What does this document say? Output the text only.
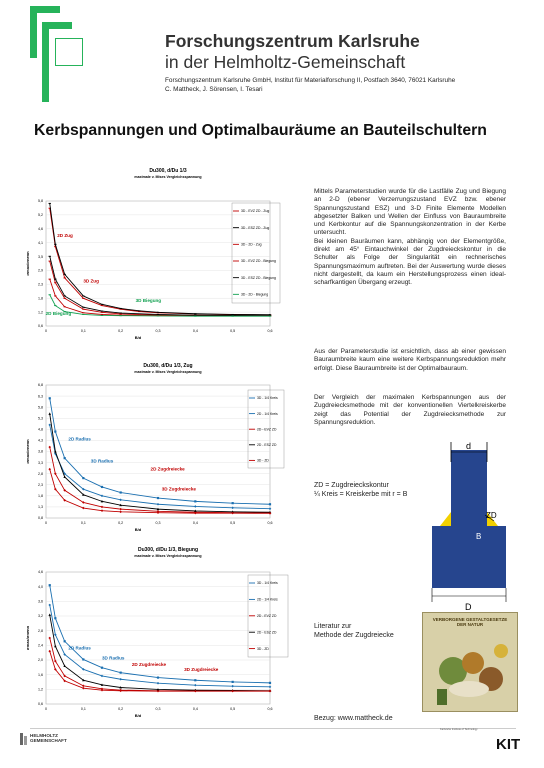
Forschungszentrum Karlsruhe
in der Helmholtz-Gemeinschaft
Forschungszentrum Karlsruhe GmbH, Institut für Materialforschung II, Postfach 3640, 76021 Karlsruhe
C. Mattheck, J. Sörensen, I. Tesari
Kerbspannungen und Optimalbauräume an Bauteilschultern
Du300, d/Du 1/3
maximale v. Mises Vergleichsspannung
0,6
1,2
1,8
2,3
2,9
3,5
4,1
4,6
5,2
5,8
0	0,1	0,2	0,3	0,4	0,5	0,6
B/d
σmax/σnenn
3D - EVZ ZD - Zug
3D - ESZ ZD - Zug
3D - 2D - Zug
3D - EVZ ZD - Biegung
3D - ESZ ZD - Biegung
3D - 2D - Biegung
2D Zug
3D Zug
3D Biegung
2D Biegung
Du300, d/Du 1/3, Zug
maximale v. Mises Vergleichsspannung
0,8
1,3
1,8
2,3
2,8
3,3
3,8
4,3
4,8
5,3
5,8
6,3
6,8
0	0,1	0,2	0,3	0,4	0,5	0,6
B/d
σmax/σnenn
3D - 1/4 Kreis
2D - 1/4 Kreis
2D - EVZ ZD
2D - ESZ ZD
3D - ZD
2D Radius
3D Radius
2D Zugdreiecke
3D Zugdreiecke
Du300, d/Du 1/3, Biegung
maximale v. Mises Vergleichsspannung
0,6
1,2
1,6
2,0
2,4
2,8
3,2
3,6
4,0
4,6
0	0,1	0,2	0,3	0,4	0,5	0,6
B/d
σmax/σnenn
3D - 1/4 Kreis
2D - 1/4 Kreis
2D - EVZ ZD
2D - ESZ ZD
3D - ZD
2D Radius
3D Radius
2D Zugdreiecke
3D Zugdreiecke

Mittels Parameterstudien wurde für die Lastfälle Zug und Biegung an 2-D (ebener Verzerrungszustand EVZ bzw. ebener Spannungszustand ESZ) und 3-D Finite Elemente Modellen abgesetzter Balken und Wellen der Einfluss von Bauraumbreite und Kerbkontur auf die Spannungskonzentration in der Kerbe untersucht.

Bei kleinen Bauräumen kann, abhängig von der Elementgröße, direkt am 45° Eintauchwinkel der Zugdreieckskontur in die Schulter als Folge der Singularität ein rechnerisches Spannungsmaximum auftreten. Bei der Auswertung wurde dieses nicht dargestellt, da kaum ein Herstellungsprozess einen ideal-scharfkantigen Übergang erzeugt.

Aus der Parameterstudie ist ersichtlich, dass ab einer gewissen Bauraumbreite kaum eine weitere Kerbspannungsreduktion mehr erfolgt. Diese Bauraumbreite ist der Optimalbauraum.

Der Vergleich der maximalen Kerbspannungen aus der Zugdreiecksmethode mit der konventionellen Viertelkreiskerbe zeigt das Potential der Zugdreiecksmethode zur Spannungsreduktion.

d
ZD
B
D
ZD = Zugdreieckskontur
¼ Kreis = Kreiskerbe mit r = B
Literatur zur
Methode der Zugdreiecke
VERBORGENE GESTALTGESETZE DER NATUR
Bezug: www.mattheck.de
HELMHOLTZ
GEMEINSCHAFT
Karlsruhe Institute of Technology
KIT
